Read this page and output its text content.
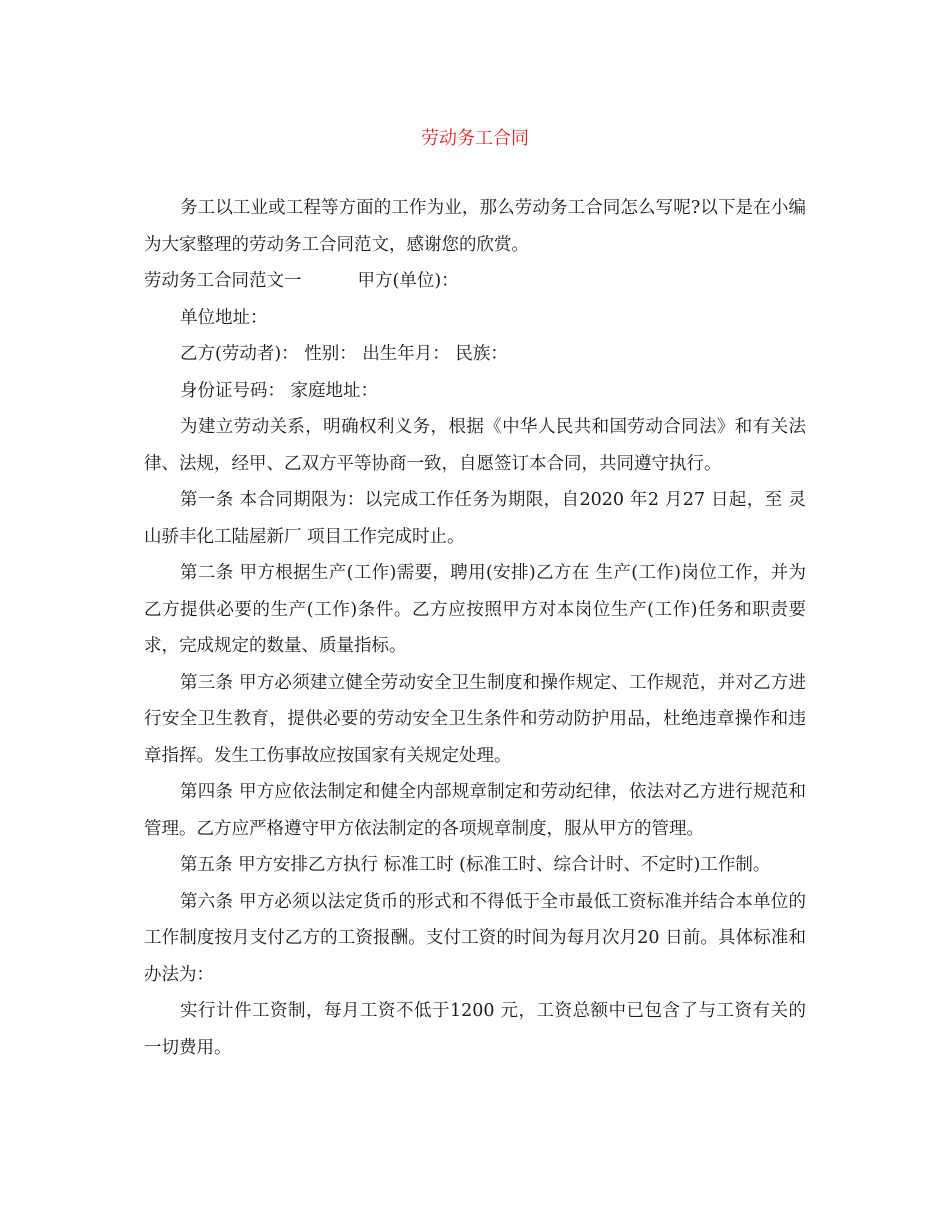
劳动务工合同

务工以工业或工程等方面的工作为业，那么劳动务工合同怎么写呢?以下是在小编为大家整理的劳动务工合同范文，感谢您的欣赏。

劳动务工合同范文一	甲方(单位)：

单位地址：

乙方(劳动者)： 性别： 出生年月： 民族：

身份证号码： 家庭地址：

为建立劳动关系，明确权利义务，根据《中华人民共和国劳动合同法》和有关法律、法规，经甲、乙双方平等协商一致，自愿签订本合同，共同遵守执行。

第一条 本合同期限为：以完成工作任务为期限，自2020 年2 月27 日起，至 灵山骄丰化工陆屋新厂 项目工作完成时止。

第二条 甲方根据生产(工作)需要，聘用(安排)乙方在 生产(工作)岗位工作，并为乙方提供必要的生产(工作)条件。乙方应按照甲方对本岗位生产(工作)任务和职责要求，完成规定的数量、质量指标。

第三条 甲方必须建立健全劳动安全卫生制度和操作规定、工作规范，并对乙方进行安全卫生教育，提供必要的劳动安全卫生条件和劳动防护用品，杜绝违章操作和违章指挥。发生工伤事故应按国家有关规定处理。

第四条 甲方应依法制定和健全内部规章制定和劳动纪律，依法对乙方进行规范和管理。乙方应严格遵守甲方依法制定的各项规章制度，服从甲方的管理。

第五条 甲方安排乙方执行 标准工时 (标准工时、综合计时、不定时)工作制。

第六条 甲方必须以法定货币的形式和不得低于全市最低工资标准并结合本单位的工作制度按月支付乙方的工资报酬。支付工资的时间为每月次月20 日前。具体标准和办法为：

实行计件工资制，每月工资不低于1200 元，工资总额中已包含了与工资有关的一切费用。
